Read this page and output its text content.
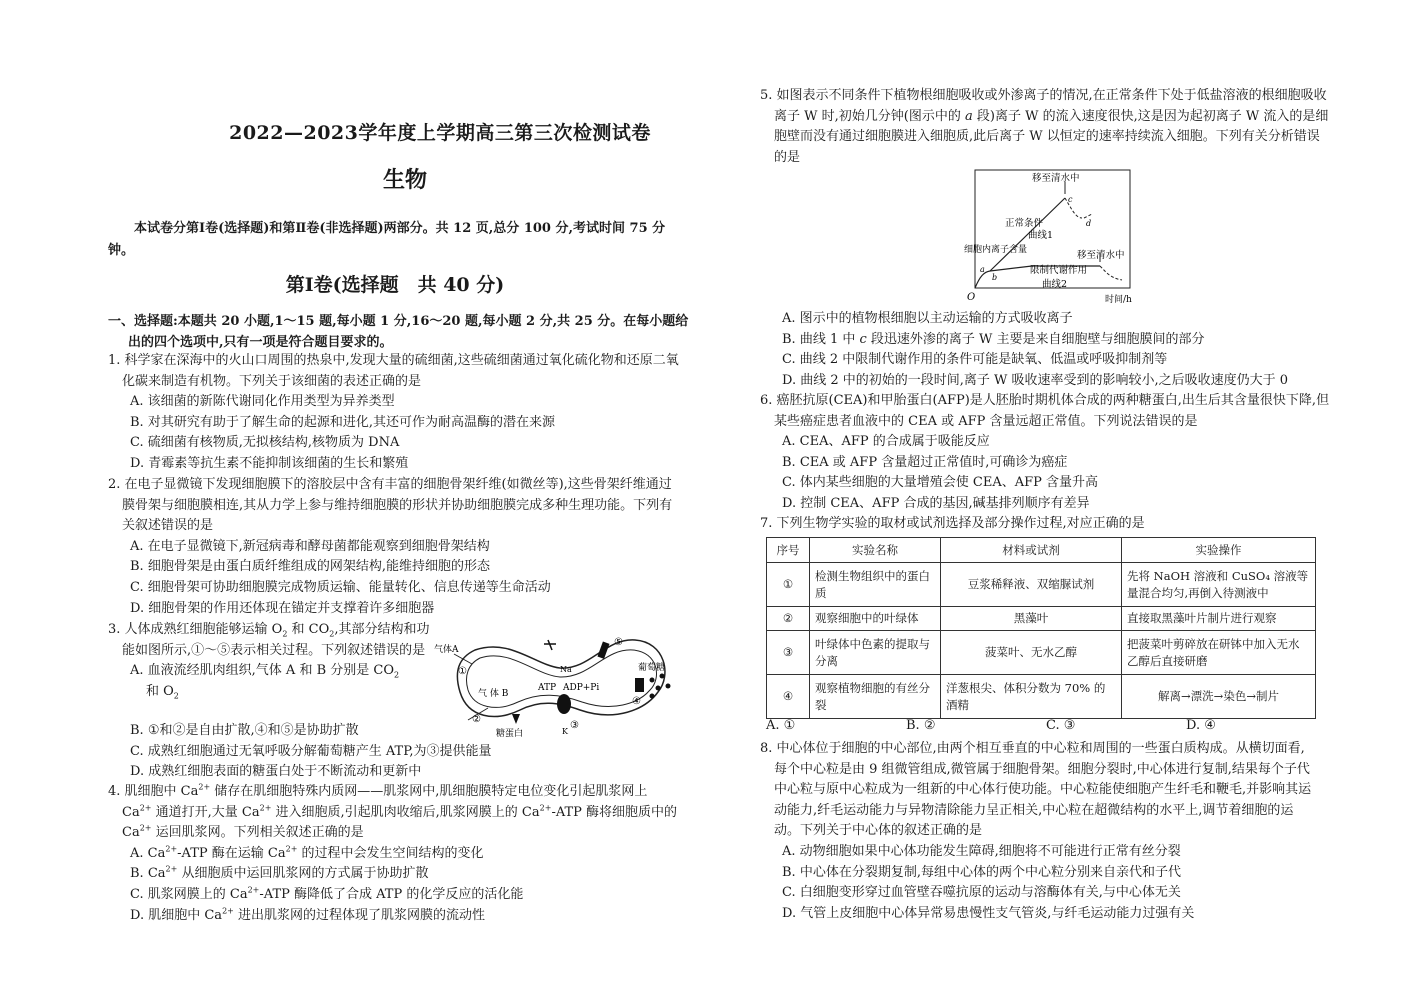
2022—2023学年度上学期高三第三次检测试卷
生物
本试卷分第Ⅰ卷(选择题)和第Ⅱ卷(非选择题)两部分。共 12 页,总分 100 分,考试时间 75 分钟。
第Ⅰ卷(选择题　共 40 分)
一、选择题:本题共 20 小题,1～15 题,每小题 1 分,16～20 题,每小题 2 分,共 25 分。在每小题给出的四个选项中,只有一项是符合题目要求的。
1. 科学家在深海中的火山口周围的热泉中,发现大量的硫细菌,这些硫细菌通过氧化硫化物和还原二氧化碳来制造有机物。下列关于该细菌的表述正确的是
A. 该细菌的新陈代谢同化作用类型为异养类型
B. 对其研究有助于了解生命的起源和进化,其还可作为耐高温酶的潜在来源
C. 硫细菌有核物质,无拟核结构,核物质为 DNA
D. 青霉素等抗生素不能抑制该细菌的生长和繁殖
2. 在电子显微镜下发现细胞膜下的溶胶层中含有丰富的细胞骨架纤维(如微丝等),这些骨架纤维通过膜骨架与细胞膜相连,其从力学上参与维持细胞膜的形状并协助细胞膜完成多种生理功能。下列有关叙述错误的是
A. 在电子显微镜下,新冠病毒和酵母菌都能观察到细胞骨架结构
B. 细胞骨架是由蛋白质纤维组成的网架结构,能维持细胞的形态
C. 细胞骨架可协助细胞膜完成物质运输、能量转化、信息传递等生命活动
D. 细胞骨架的作用还体现在锚定并支撑着许多细胞器
3. 人体成熟红细胞能够运输 $O_2$ 和 $CO_2$,其部分结构和功能如图所示,①～⑤表示相关过程。下列叙述错误的是
A. 血液流经肌肉组织,气体 A 和 B 分别是 $CO_2$
和 $O_2$
B. ①和②是自由扩散,④和⑤是协助扩散
C. 成熟红细胞通过无氧呼吸分解葡萄糖产生 ATP,为③提供能量
D. 成熟红细胞表面的糖蛋白处于不断流动和更新中
气体A
①
气 体 B
②
③
ATP ADP+Pi
Na
K
⑤
④
葡萄糖
糖蛋白
4. 肌细胞中 $Ca^{2+}$ 储存在肌细胞特殊内质网——肌浆网中,肌细胞膜特定电位变化引起肌浆网上 $Ca^{2+}$ 通道打开,大量 $Ca^{2+}$ 进入细胞质,引起肌肉收缩后,肌浆网膜上的 $Ca^{2+}$-ATP 酶将细胞质中的 $Ca^{2+}$ 运回肌浆网。下列相关叙述正确的是
A. $Ca^{2+}$-ATP 酶在运输 $Ca^{2+}$ 的过程中会发生空间结构的变化
B. $Ca^{2+}$ 从细胞质中运回肌浆网的方式属于协助扩散
C. 肌浆网膜上的 $Ca^{2+}$-ATP 酶降低了合成 ATP 的化学反应的活化能
D. 肌细胞中 $Ca^{2+}$ 进出肌浆网的过程体现了肌浆网膜的流动性
5. 如图表示不同条件下植物根细胞吸收或外渗离子的情况,在正常条件下处于低盐溶液的根细胞吸收离子 W 时,初始几分钟(图示中的 a 段)离子 W 的流入速度很快,这是因为起初离子 W 流入的是细胞壁而没有通过细胞膜进入细胞质,此后离子 W 以恒定的速率持续流入细胞。下列有关分析错误的是
移至清水中
正常条件
曲线1
细胞内离子含量	移至清水中
限制代谢作用
曲线2
时间/h
O
a
b
c
d
A. 图示中的植物根细胞以主动运输的方式吸收离子
B. 曲线 1 中 c 段迅速外渗的离子 W 主要是来自细胞壁与细胞膜间的部分
C. 曲线 2 中限制代谢作用的条件可能是缺氧、低温或呼吸抑制剂等
D. 曲线 2 中的初始的一段时间,离子 W 吸收速率受到的影响较小,之后吸收速度仍大于 0
6. 癌胚抗原(CEA)和甲胎蛋白(AFP)是人胚胎时期机体合成的两种糖蛋白,出生后其含量很快下降,但某些癌症患者血液中的 CEA 或 AFP 含量远超正常值。下列说法错误的是
A. CEA、AFP 的合成属于吸能反应
B. CEA 或 AFP 含量超过正常值时,可确诊为癌症
C. 体内某些细胞的大量增殖会使 CEA、AFP 含量升高
D. 控制 CEA、AFP 合成的基因,碱基排列顺序有差异
7. 下列生物学实验的取材或试剂选择及部分操作过程,对应正确的是
序号	实验名称	材料或试剂	实验操作
①	检测生物组织中的蛋白质	豆浆稀释液、双缩脲试剂	先将 NaOH 溶液和 CuSO₄ 溶液等量混合均匀,再倒入待测液中
②	观察细胞中的叶绿体	黑藻叶	直接取黑藻叶片制片进行观察
③	叶绿体中色素的提取与分离	菠菜叶、无水乙醇	把菠菜叶剪碎放在研钵中加入无水乙醇后直接研磨
④	观察植物细胞的有丝分裂	洋葱根尖、体积分数为 70% 的酒精	解离→漂洗→染色→制片
A. ①	B. ②	C. ③	D. ④
8. 中心体位于细胞的中心部位,由两个相互垂直的中心粒和周围的一些蛋白质构成。从横切面看,每个中心粒是由 9 组微管组成,微管属于细胞骨架。细胞分裂时,中心体进行复制,结果每个子代中心粒与原中心粒成为一组新的中心体行使功能。中心粒能使细胞产生纤毛和鞭毛,并影响其运动能力,纤毛运动能力与异物清除能力呈正相关,中心粒在超微结构的水平上,调节着细胞的运动。下列关于中心体的叙述正确的是
A. 动物细胞如果中心体功能发生障碍,细胞将不可能进行正常有丝分裂
B. 中心体在分裂期复制,每组中心体的两个中心粒分别来自亲代和子代
C. 白细胞变形穿过血管壁吞噬抗原的运动与溶酶体有关,与中心体无关
D. 气管上皮细胞中心体异常易患慢性支气管炎,与纤毛运动能力过强有关
